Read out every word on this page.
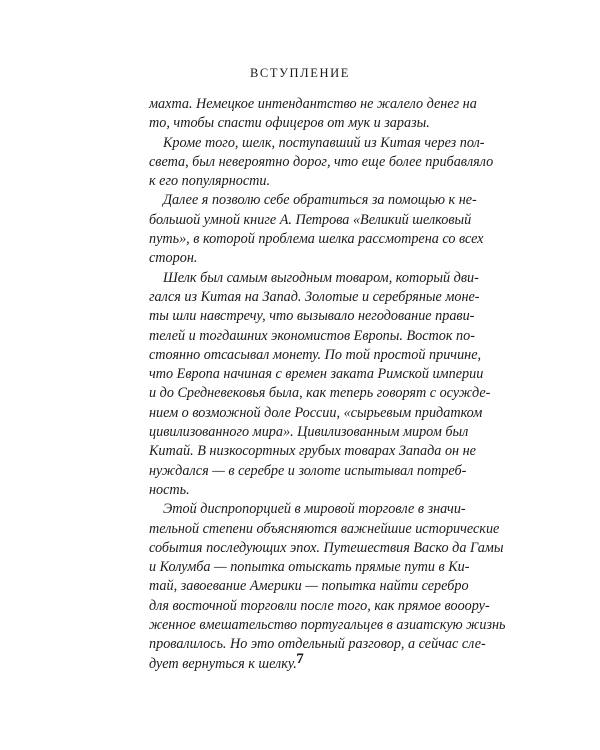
ВСТУПЛЕНИЕ
махта. Немецкое интендантство не жалело денег на
то, чтобы спасти офицеров от мук и заразы.
Кроме того, шелк, поступавший из Китая через пол-
света, был невероятно дорог, что еще более прибавляло
к его популярности.
Далее я позволю себе обратиться за помощью к не-
большой умной книге А. Петрова «Великий шелковый
путь», в которой проблема шелка рассмотрена со всех
сторон.
Шелк был самым выгодным товаром, который дви-
гался из Китая на Запад. Золотые и серебряные моне-
ты шли навстречу, что вызывало негодование прави-
телей и тогдашних экономистов Европы. Восток по-
стоянно отсасывал монету. По той простой причине,
что Европа начиная с времен заката Римской империи
и до Средневековья была, как теперь говорят с осужде-
нием о возможной доле России, «сырьевым придатком
цивилизованного мира». Цивилизованным миром был
Китай. В низкосортных грубых товарах Запада он не
нуждался — в серебре и золоте испытывал потреб-
ность.
Этой диспропорцией в мировой торговле в значи-
тельной степени объясняются важнейшие исторические
события последующих эпох. Путешествия Васко да Гамы
и Колумба — попытка отыскать прямые пути в Ки-
тай, завоевание Америки — попытка найти серебро
для восточной торговли после того, как прямое вооору-
женное вмешательство португальцев в азиатскую жизнь
провалилось. Но это отдельный разговор, а сейчас сле-
дует вернуться к шелку. 7
